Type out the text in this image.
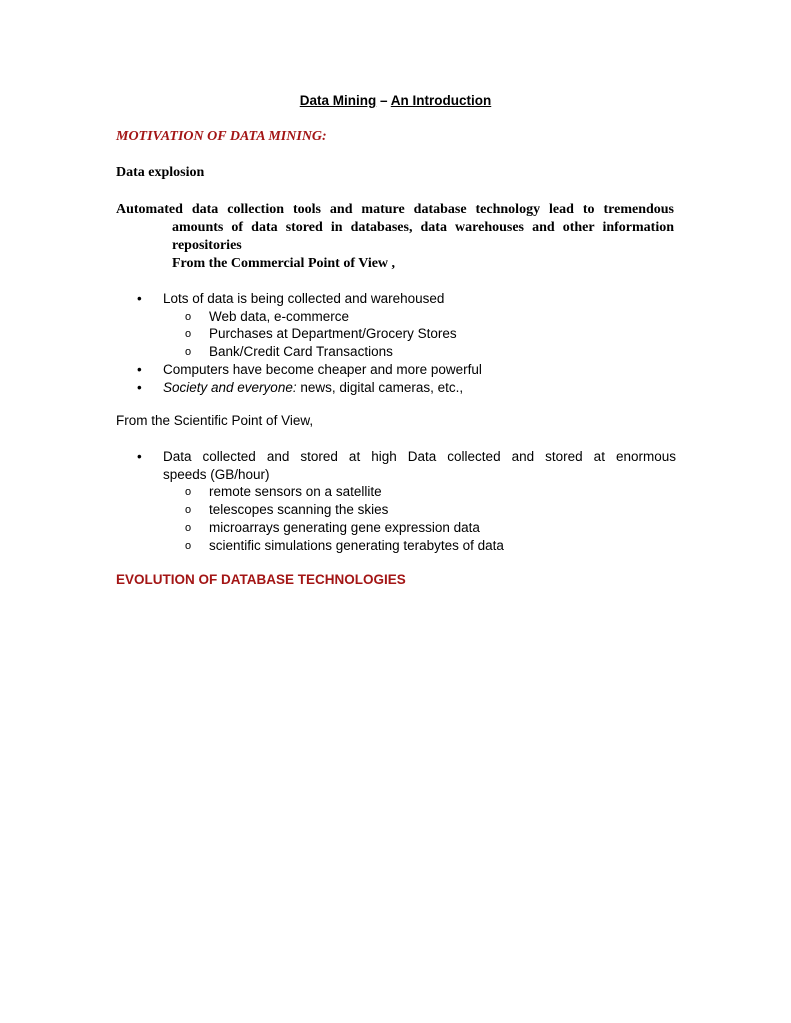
Data Mining – An Introduction
MOTIVATION OF DATA MINING:
Data explosion
Automated data collection tools and mature database technology lead to tremendous
amounts of data stored in databases, data warehouses and other information
repositories
From the Commercial Point of View ,
• Lots of data is being collected and warehoused
o Web data, e-commerce
o Purchases at Department/Grocery Stores
o Bank/Credit Card Transactions
• Computers have become cheaper and more powerful
• Society and everyone: news, digital cameras, etc.,
From the Scientific Point of View,
• Data collected and stored at high Data collected and stored at enormous
speeds (GB/hour)
o remote sensors on a satellite
o telescopes scanning the skies
o microarrays generating gene expression data
o scientific simulations generating terabytes of data
EVOLUTION OF DATABASE TECHNOLOGIES
